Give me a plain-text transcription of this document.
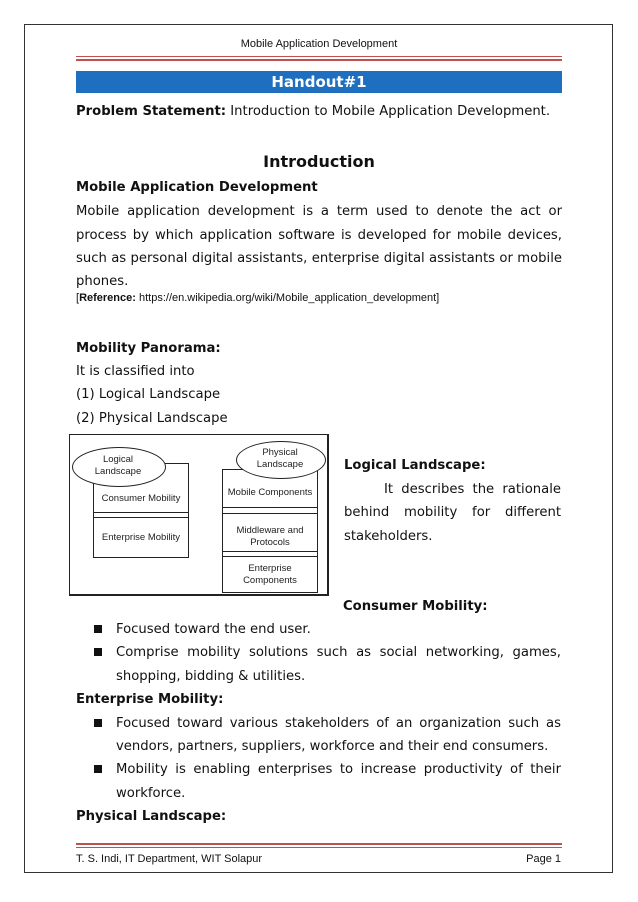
Mobile Application Development
Handout#1
Problem Statement: Introduction to Mobile Application Development.
Introduction
Mobile Application Development
Mobile application development is a term used to denote the act or
process by which application software is developed for mobile devices,
such as personal digital assistants, enterprise digital assistants or mobile
phones.
[Reference: https://en.wikipedia.org/wiki/Mobile_application_development]
Mobility Panorama:
It is classified into
(1) Logical Landscape
(2) Physical Landscape
Consumer Mobility
Enterprise Mobility
Logical
Landscape
Mobile Components
Middleware and
Protocols
Enterprise
Components
Physical
Landscape	Logical Landscape:
It describes the rationale
behind mobility for different
stakeholders.
Consumer Mobility:
Focused toward the end user.
Comprise mobility solutions such as social networking, games,
shopping, bidding & utilities.
Enterprise Mobility:
Focused toward various stakeholders of an organization such as
vendors, partners, suppliers, workforce and their end consumers.
Mobility is enabling enterprises to increase productivity of their
workforce.
Physical Landscape:
T. S. Indi, IT Department, WIT Solapur	Page 1
